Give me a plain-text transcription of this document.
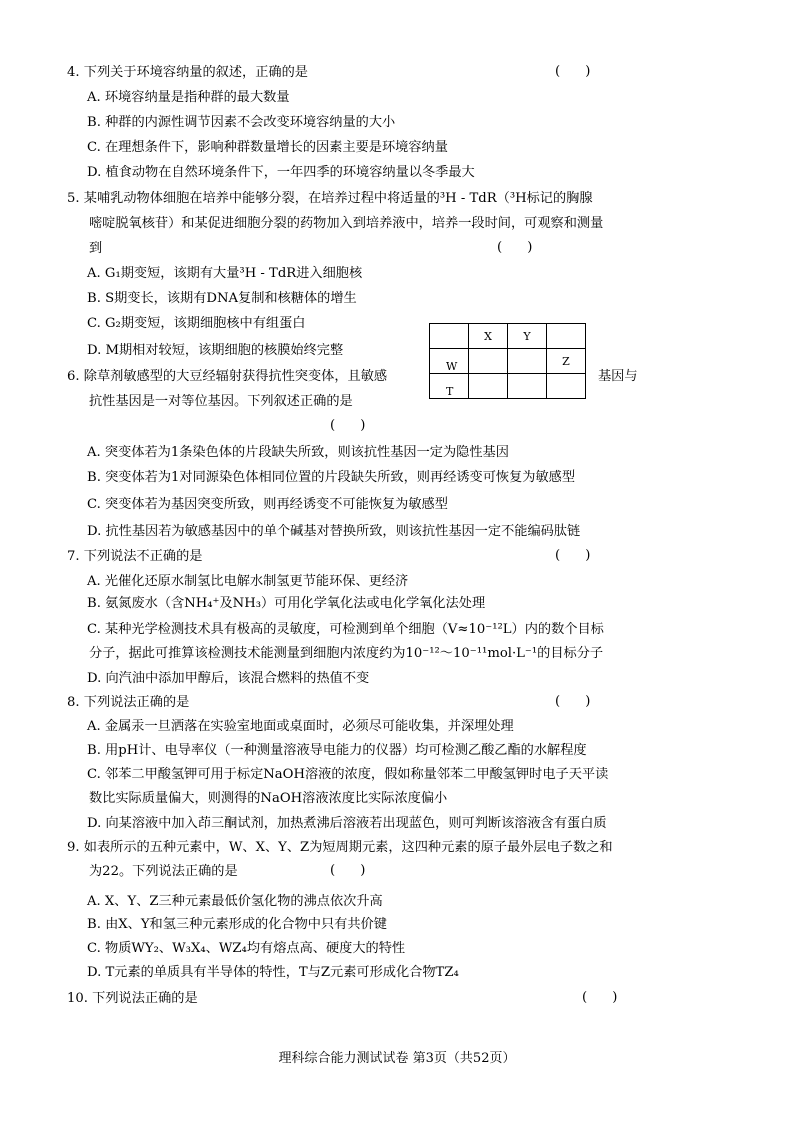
4. 下列关于环境容纳量的叙述，正确的是	(      )
A. 环境容纳量是指种群的最大数量
B. 种群的内源性调节因素不会改变环境容纳量的大小
C. 在理想条件下，影响种群数量增长的因素主要是环境容纳量
D. 植食动物在自然环境条件下，一年四季的环境容纳量以冬季最大
5. 某哺乳动物体细胞在培养中能够分裂，在培养过程中将适量的³H - TdR（³H标记的胸腺
嘧啶脱氧核苷）和某促进细胞分裂的药物加入到培养液中，培养一段时间，可观察和测量
到	(      )
A. G₁期变短，该期有大量³H - TdR进入细胞核
B. S期变长，该期有DNA复制和核糖体的增生
C. G₂期变短，该期细胞核中有组蛋白
D. M期相对较短，该期细胞的核膜始终完整
	X	Y	
W			Z
T			
6. 除草剂敏感型的大豆经辐射获得抗性突变体，且敏感	基因与
抗性基因是一对等位基因。下列叙述正确的是
(      )
A. 突变体若为1条染色体的片段缺失所致，则该抗性基因一定为隐性基因
B. 突变体若为1对同源染色体相同位置的片段缺失所致，则再经诱变可恢复为敏感型
C. 突变体若为基因突变所致，则再经诱变不可能恢复为敏感型
D. 抗性基因若为敏感基因中的单个碱基对替换所致，则该抗性基因一定不能编码肽链
7. 下列说法不正确的是	(      )
A. 光催化还原水制氢比电解水制氢更节能环保、更经济
B. 氨氮废水（含NH₄⁺及NH₃）可用化学氧化法或电化学氧化法处理
C. 某种光学检测技术具有极高的灵敏度，可检测到单个细胞（V≈10⁻¹²L）内的数个目标
分子，据此可推算该检测技术能测量到细胞内浓度约为10⁻¹²～10⁻¹¹mol·L⁻¹的目标分子
D. 向汽油中添加甲醇后，该混合燃料的热值不变
8. 下列说法正确的是	(      )
A. 金属汞一旦洒落在实验室地面或桌面时，必须尽可能收集，并深埋处理
B. 用pH计、电导率仪（一种测量溶液导电能力的仪器）均可检测乙酸乙酯的水解程度
C. 邻苯二甲酸氢钾可用于标定NaOH溶液的浓度，假如称量邻苯二甲酸氢钾时电子天平读
数比实际质量偏大，则测得的NaOH溶液浓度比实际浓度偏小
D. 向某溶液中加入茚三酮试剂，加热煮沸后溶液若出现蓝色，则可判断该溶液含有蛋白质
9. 如表所示的五种元素中，W、X、Y、Z为短周期元素，这四种元素的原子最外层电子数之和
为22。下列说法正确的是	(      )
A. X、Y、Z三种元素最低价氢化物的沸点依次升高
B. 由X、Y和氢三种元素形成的化合物中只有共价键
C. 物质WY₂、W₃X₄、WZ₄均有熔点高、硬度大的特性
D. T元素的单质具有半导体的特性，T与Z元素可形成化合物TZ₄
10. 下列说法正确的是	(      )
理科综合能力测试试卷 第3页（共52页）
